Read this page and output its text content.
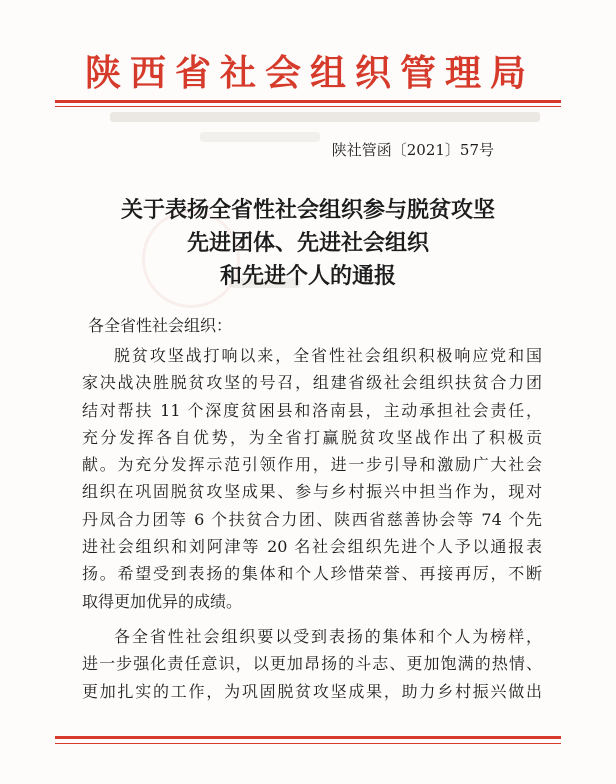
陕西省社会组织管理局
陕社管函〔2021〕57号
关于表扬全省性社会组织参与脱贫攻坚
先进团体、先进社会组织
和先进个人的通报
各全省性社会组织：
脱贫攻坚战打响以来，全省性社会组织积极响应党和国
家决战决胜脱贫攻坚的号召，组建省级社会组织扶贫合力团
结对帮扶 11 个深度贫困县和洛南县，主动承担社会责任，
充分发挥各自优势，为全省打赢脱贫攻坚战作出了积极贡
献。为充分发挥示范引领作用，进一步引导和激励广大社会
组织在巩固脱贫攻坚成果、参与乡村振兴中担当作为，现对
丹凤合力团等 6 个扶贫合力团、陕西省慈善协会等 74 个先
进社会组织和刘阿津等 20 名社会组织先进个人予以通报表
扬。希望受到表扬的集体和个人珍惜荣誉、再接再厉，不断
取得更加优异的成绩。
各全省性社会组织要以受到表扬的集体和个人为榜样，
进一步强化责任意识，以更加昂扬的斗志、更加饱满的热情、
更加扎实的工作，为巩固脱贫攻坚成果，助力乡村振兴做出
